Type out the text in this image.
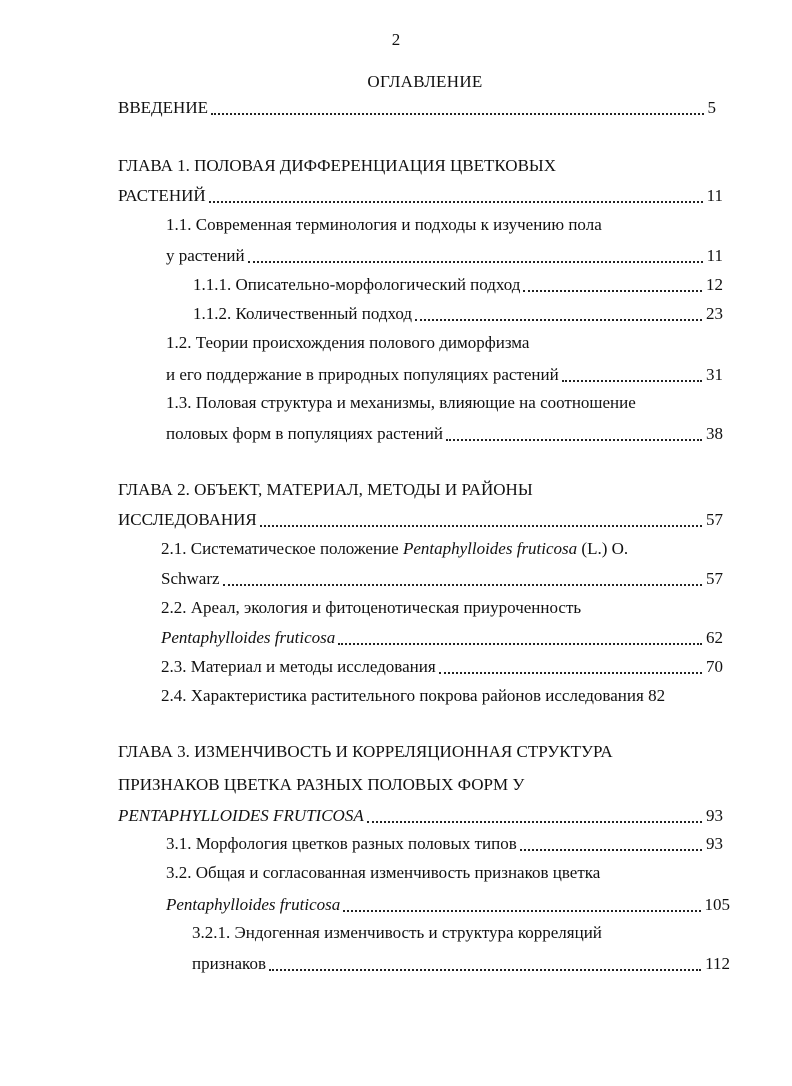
2
ОГЛАВЛЕНИЕ
ВВЕДЕНИЕ	5
ГЛАВА 1. ПОЛОВАЯ ДИФФЕРЕНЦИАЦИЯ ЦВЕТКОВЫХ
РАСТЕНИЙ	11
1.1. Современная терминология и подходы к изучению пола
у растений	11
1.1.1. Описательно-морфологический подход	12
1.1.2. Количественный подход	23
1.2. Теории происхождения полового диморфизма
и его поддержание в природных популяциях растений	31
1.3. Половая структура и механизмы, влияющие на соотношение
половых форм в популяциях растений	38
ГЛАВА 2. ОБЪЕКТ, МАТЕРИАЛ, МЕТОДЫ И РАЙОНЫ
ИССЛЕДОВАНИЯ	57
2.1. Систематическое положение Pentaphylloides fruticosa (L.) O.
Schwarz	57
2.2. Ареал, экология и фитоценотическая приуроченность
Pentaphylloides fruticosa	62
2.3. Материал и методы исследования	70
2.4. Характеристика растительного покрова районов исследования 82
ГЛАВА 3. ИЗМЕНЧИВОСТЬ И КОРРЕЛЯЦИОННАЯ СТРУКТУРА
ПРИЗНАКОВ ЦВЕТКА РАЗНЫХ ПОЛОВЫХ ФОРМ У
PENTAPHYLLOIDES FRUTICOSA	93
3.1. Морфология цветков разных половых типов	93
3.2. Общая и согласованная изменчивость признаков цветка
Pentaphylloides fruticosa	105
3.2.1. Эндогенная изменчивость и структура корреляций
признаков	112
